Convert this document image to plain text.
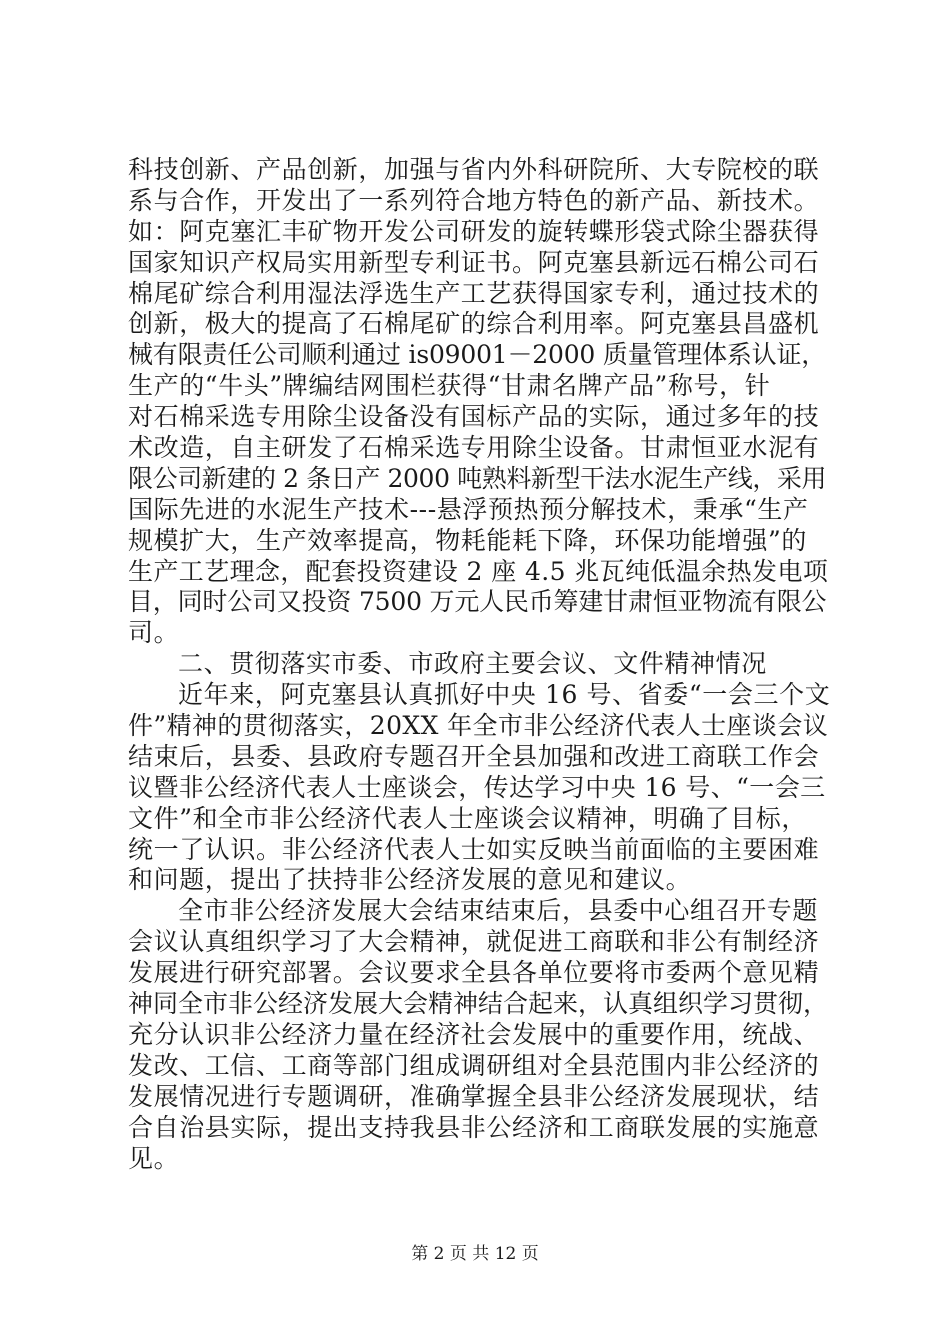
科技创新、产品创新，加强与省内外科研院所、大专院校的联
系与合作，开发出了一系列符合地方特色的新产品、新技术。
如：阿克塞汇丰矿物开发公司研发的旋转蝶形袋式除尘器获得
国家知识产权局实用新型专利证书。阿克塞县新远石棉公司石
棉尾矿综合利用湿法浮选生产工艺获得国家专利，通过技术的
创新，极大的提高了石棉尾矿的综合利用率。阿克塞县昌盛机
械有限责任公司顺利通过 is09001－2000 质量管理体系认证，
生产的“牛头”牌编结网围栏获得“甘肃名牌产品”称号，针
对石棉采选专用除尘设备没有国标产品的实际，通过多年的技
术改造，自主研发了石棉采选专用除尘设备。甘肃恒亚水泥有
限公司新建的 2 条日产 2000 吨熟料新型干法水泥生产线，采用
国际先进的水泥生产技术---悬浮预热预分解技术，秉承“生产
规模扩大，生产效率提高，物耗能耗下降，环保功能增强”的
生产工艺理念，配套投资建设 2 座 4.5 兆瓦纯低温余热发电项
目，同时公司又投资 7500 万元人民币筹建甘肃恒亚物流有限公
司。
二、贯彻落实市委、市政府主要会议、文件精神情况
近年来，阿克塞县认真抓好中央 16 号、省委“一会三个文
件”精神的贯彻落实，20XX 年全市非公经济代表人士座谈会议
结束后，县委、县政府专题召开全县加强和改进工商联工作会
议暨非公经济代表人士座谈会，传达学习中央 16 号、“一会三
文件”和全市非公经济代表人士座谈会议精神，明确了目标，
统一了认识。非公经济代表人士如实反映当前面临的主要困难
和问题，提出了扶持非公经济发展的意见和建议。
全市非公经济发展大会结束结束后，县委中心组召开专题
会议认真组织学习了大会精神，就促进工商联和非公有制经济
发展进行研究部署。会议要求全县各单位要将市委两个意见精
神同全市非公经济发展大会精神结合起来，认真组织学习贯彻，
充分认识非公经济力量在经济社会发展中的重要作用，统战、
发改、工信、工商等部门组成调研组对全县范围内非公经济的
发展情况进行专题调研，准确掌握全县非公经济发展现状，结
合自治县实际，提出支持我县非公经济和工商联发展的实施意
见。
第 2 页 共 12 页
